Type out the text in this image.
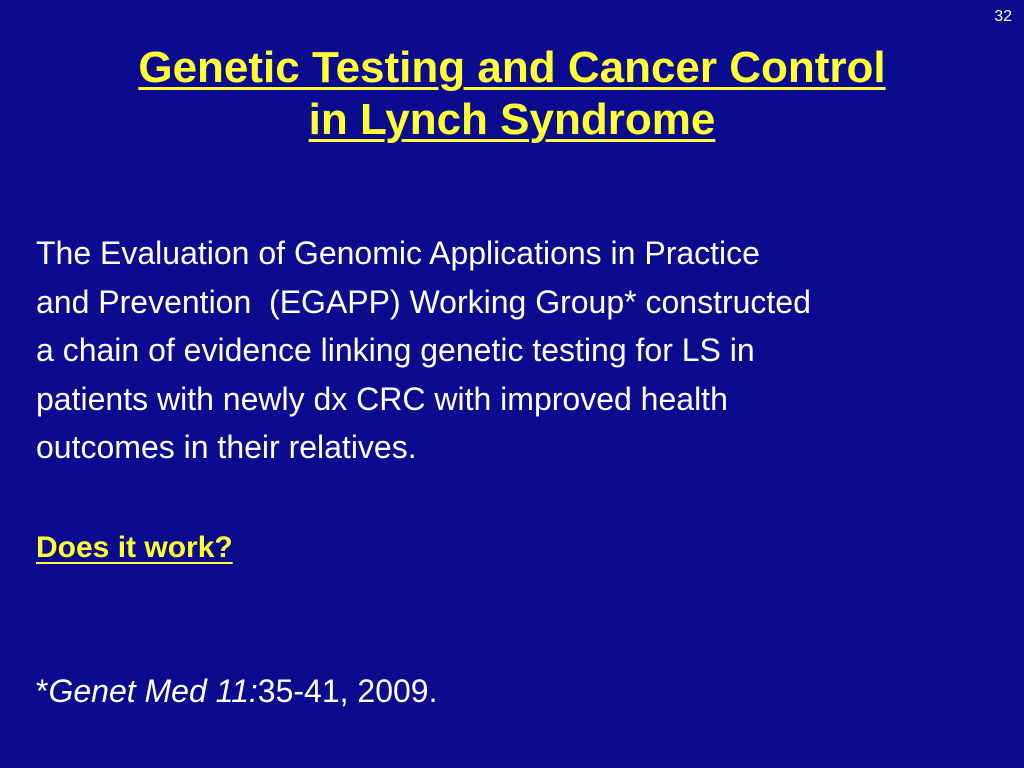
32
Genetic Testing and Cancer Control
in Lynch Syndrome
The Evaluation of Genomic Applications in Practice
and Prevention  (EGAPP) Working Group* constructed
a chain of evidence linking genetic testing for LS in
patients with newly dx CRC with improved health
outcomes in their relatives.
Does it work?
*Genet Med 11:35-41, 2009.
